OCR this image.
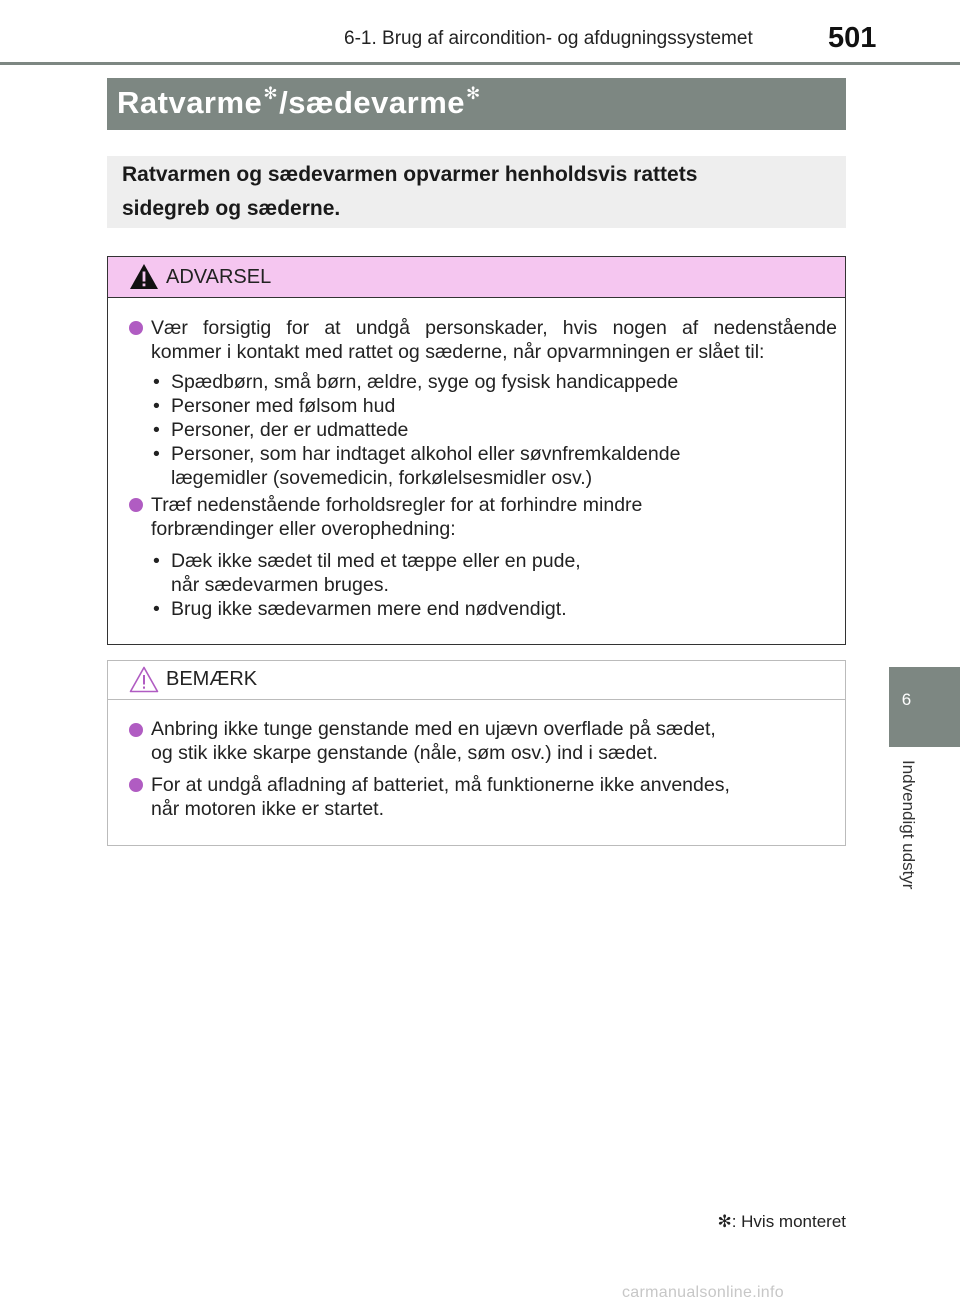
6-1. Brug af aircondition- og afdugningssystemet	501
Ratvarme✻/sædevarme✻
Ratvarmen og sædevarmen opvarmer henholdsvis rattets
sidegreb og sæderne.
ADVARSEL
Vær forsigtig for at undgå personskader, hvis nogen af nedenstående
kommer i kontakt med rattet og sæderne, når opvarmningen er slået til:
• Spædbørn, små børn, ældre, syge og fysisk handicappede
• Personer med følsom hud
• Personer, der er udmattede
• Personer, som har indtaget alkohol eller søvnfremkaldende
lægemidler (sovemedicin, forkølelsesmidler osv.)
Træf nedenstående forholdsregler for at forhindre mindre
forbrændinger eller overophedning:
• Dæk ikke sædet til med et tæppe eller en pude,
når sædevarmen bruges.
• Brug ikke sædevarmen mere end nødvendigt.
BEMÆRK
Anbring ikke tunge genstande med en ujævn overflade på sædet,
og stik ikke skarpe genstande (nåle, søm osv.) ind i sædet.
For at undgå afladning af batteriet, må funktionerne ikke anvendes,
når motoren ikke er startet.
6
Indvendigt udstyr
✻: Hvis monteret
carmanualsonline.info
